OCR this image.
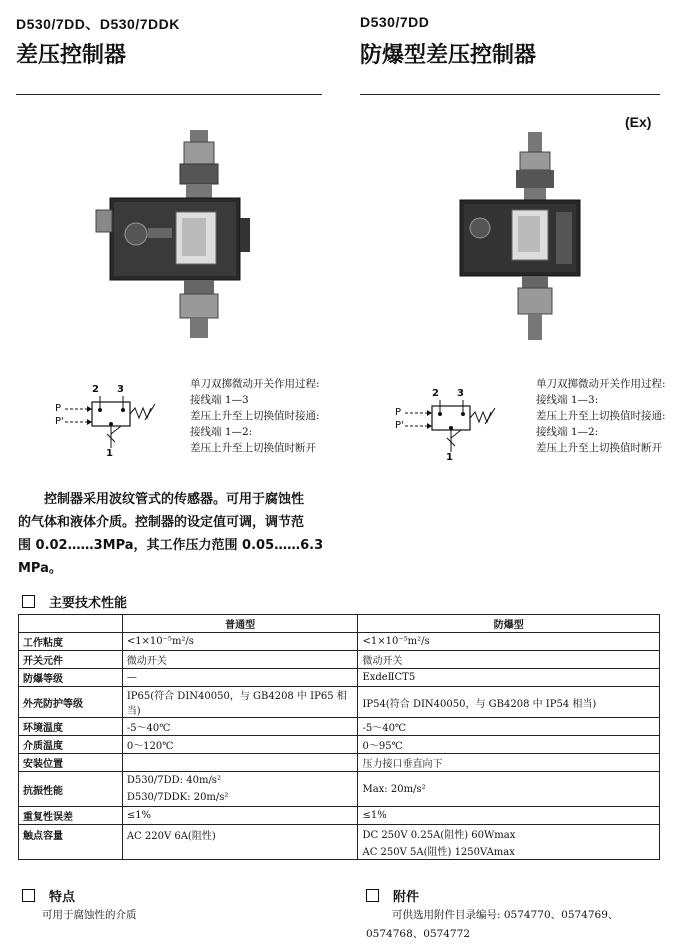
D530/7DD、D530/7DDK
差压控制器
D530/7DD
防爆型差压控制器
(Ex)
2 3
1
P
P'
单刀双掷微动开关作用过程:
接线端 1—3
差压上升至上切换值时接通:
接线端 1—2:
差压上升至上切换值时断开
2 3
1
P
P'
单刀双掷微动开关作用过程:
接线端 1—3:
差压上升至上切换值时接通:
接线端 1—2:
差压上升至上切换值时断开
控制器采用波纹管式的传感器。可用于腐蚀性
的气体和液体介质。控制器的设定值可调，调节范
围 0.02……3MPa，其工作压力范围 0.05……6.3
MPa。
主要技术性能
	普通型	防爆型
工作粘度	<1×10⁻⁵m²/s	<1×10⁻⁵m²/s
开关元件	微动开关	微动开关
防爆等级	—	ExdeⅡCT5
外壳防护等级	IP65(符合 DIN40050，与 GB4208 中 IP65 相当)	IP54(符合 DIN40050，与 GB4208 中 IP54 相当)
环境温度	-5～40℃	-5～40℃
介质温度	0～120℃	0～95℃
安装位置		压力接口垂直向下
抗振性能	D530/7DD: 40m/s²	Max: 20m/s²
	D530/7DDK: 20m/s²	
重复性误差	≤1%	≤1%
触点容量	AC 220V 6A(阻性)	DC 250V 0.25A(阻性) 60Wmax
		AC 250V 5A(阻性) 1250VAmax
特点
可用于腐蚀性的介质
附件
可供选用附件目录编号: 0574770、0574769、
0574768、0574772
